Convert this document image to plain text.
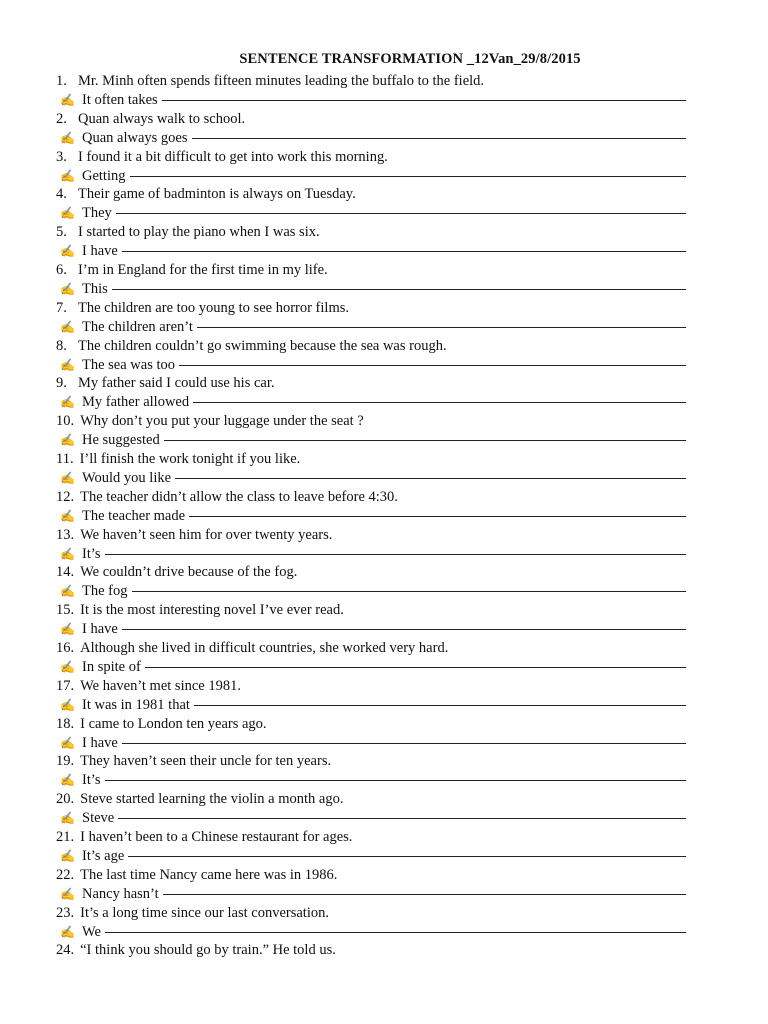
SENTENCE TRANSFORMATION _12Van_29/8/2015
1. Mr. Minh often spends fifteen minutes leading the buffalo to the field.
✍ It often takes
2. Quan always walk to school.
✍ Quan always goes
3. I found it a bit difficult to get into work this morning.
✍ Getting
4. Their game of badminton is always on Tuesday.
✍ They
5. I started to play the piano when I was six.
✍ I have
6. I’m in England for the first time in my life.
✍ This
7. The children are too young to see horror films.
✍ The children aren’t
8. The children couldn’t go swimming because the sea was rough.
✍ The sea was too
9. My father said I could use his car.
✍ My father allowed
10. Why don’t you put your luggage under the seat ?
✍ He suggested
11. I’ll finish the work tonight if you like.
✍ Would you like
12. The teacher didn’t allow the class to leave before 4:30.
✍ The teacher made
13. We haven’t seen him for over twenty years.
✍ It’s
14. We couldn’t drive because of the fog.
✍ The fog
15. It is the most interesting novel I’ve ever read.
✍ I have
16. Although she lived in difficult countries, she worked very hard.
✍ In spite of
17. We haven’t met since 1981.
✍ It was in 1981 that
18. I came to London ten years ago.
✍ I have
19. They haven’t seen their uncle for ten years.
✍ It’s
20. Steve started learning the violin a month ago.
✍ Steve
21. I haven’t been to a Chinese restaurant for ages.
✍ It’s age
22. The last time Nancy came here was in 1986.
✍ Nancy hasn’t
23. It’s a long time since our last conversation.
✍ We
24. “I think you should go by train.” He told us.
